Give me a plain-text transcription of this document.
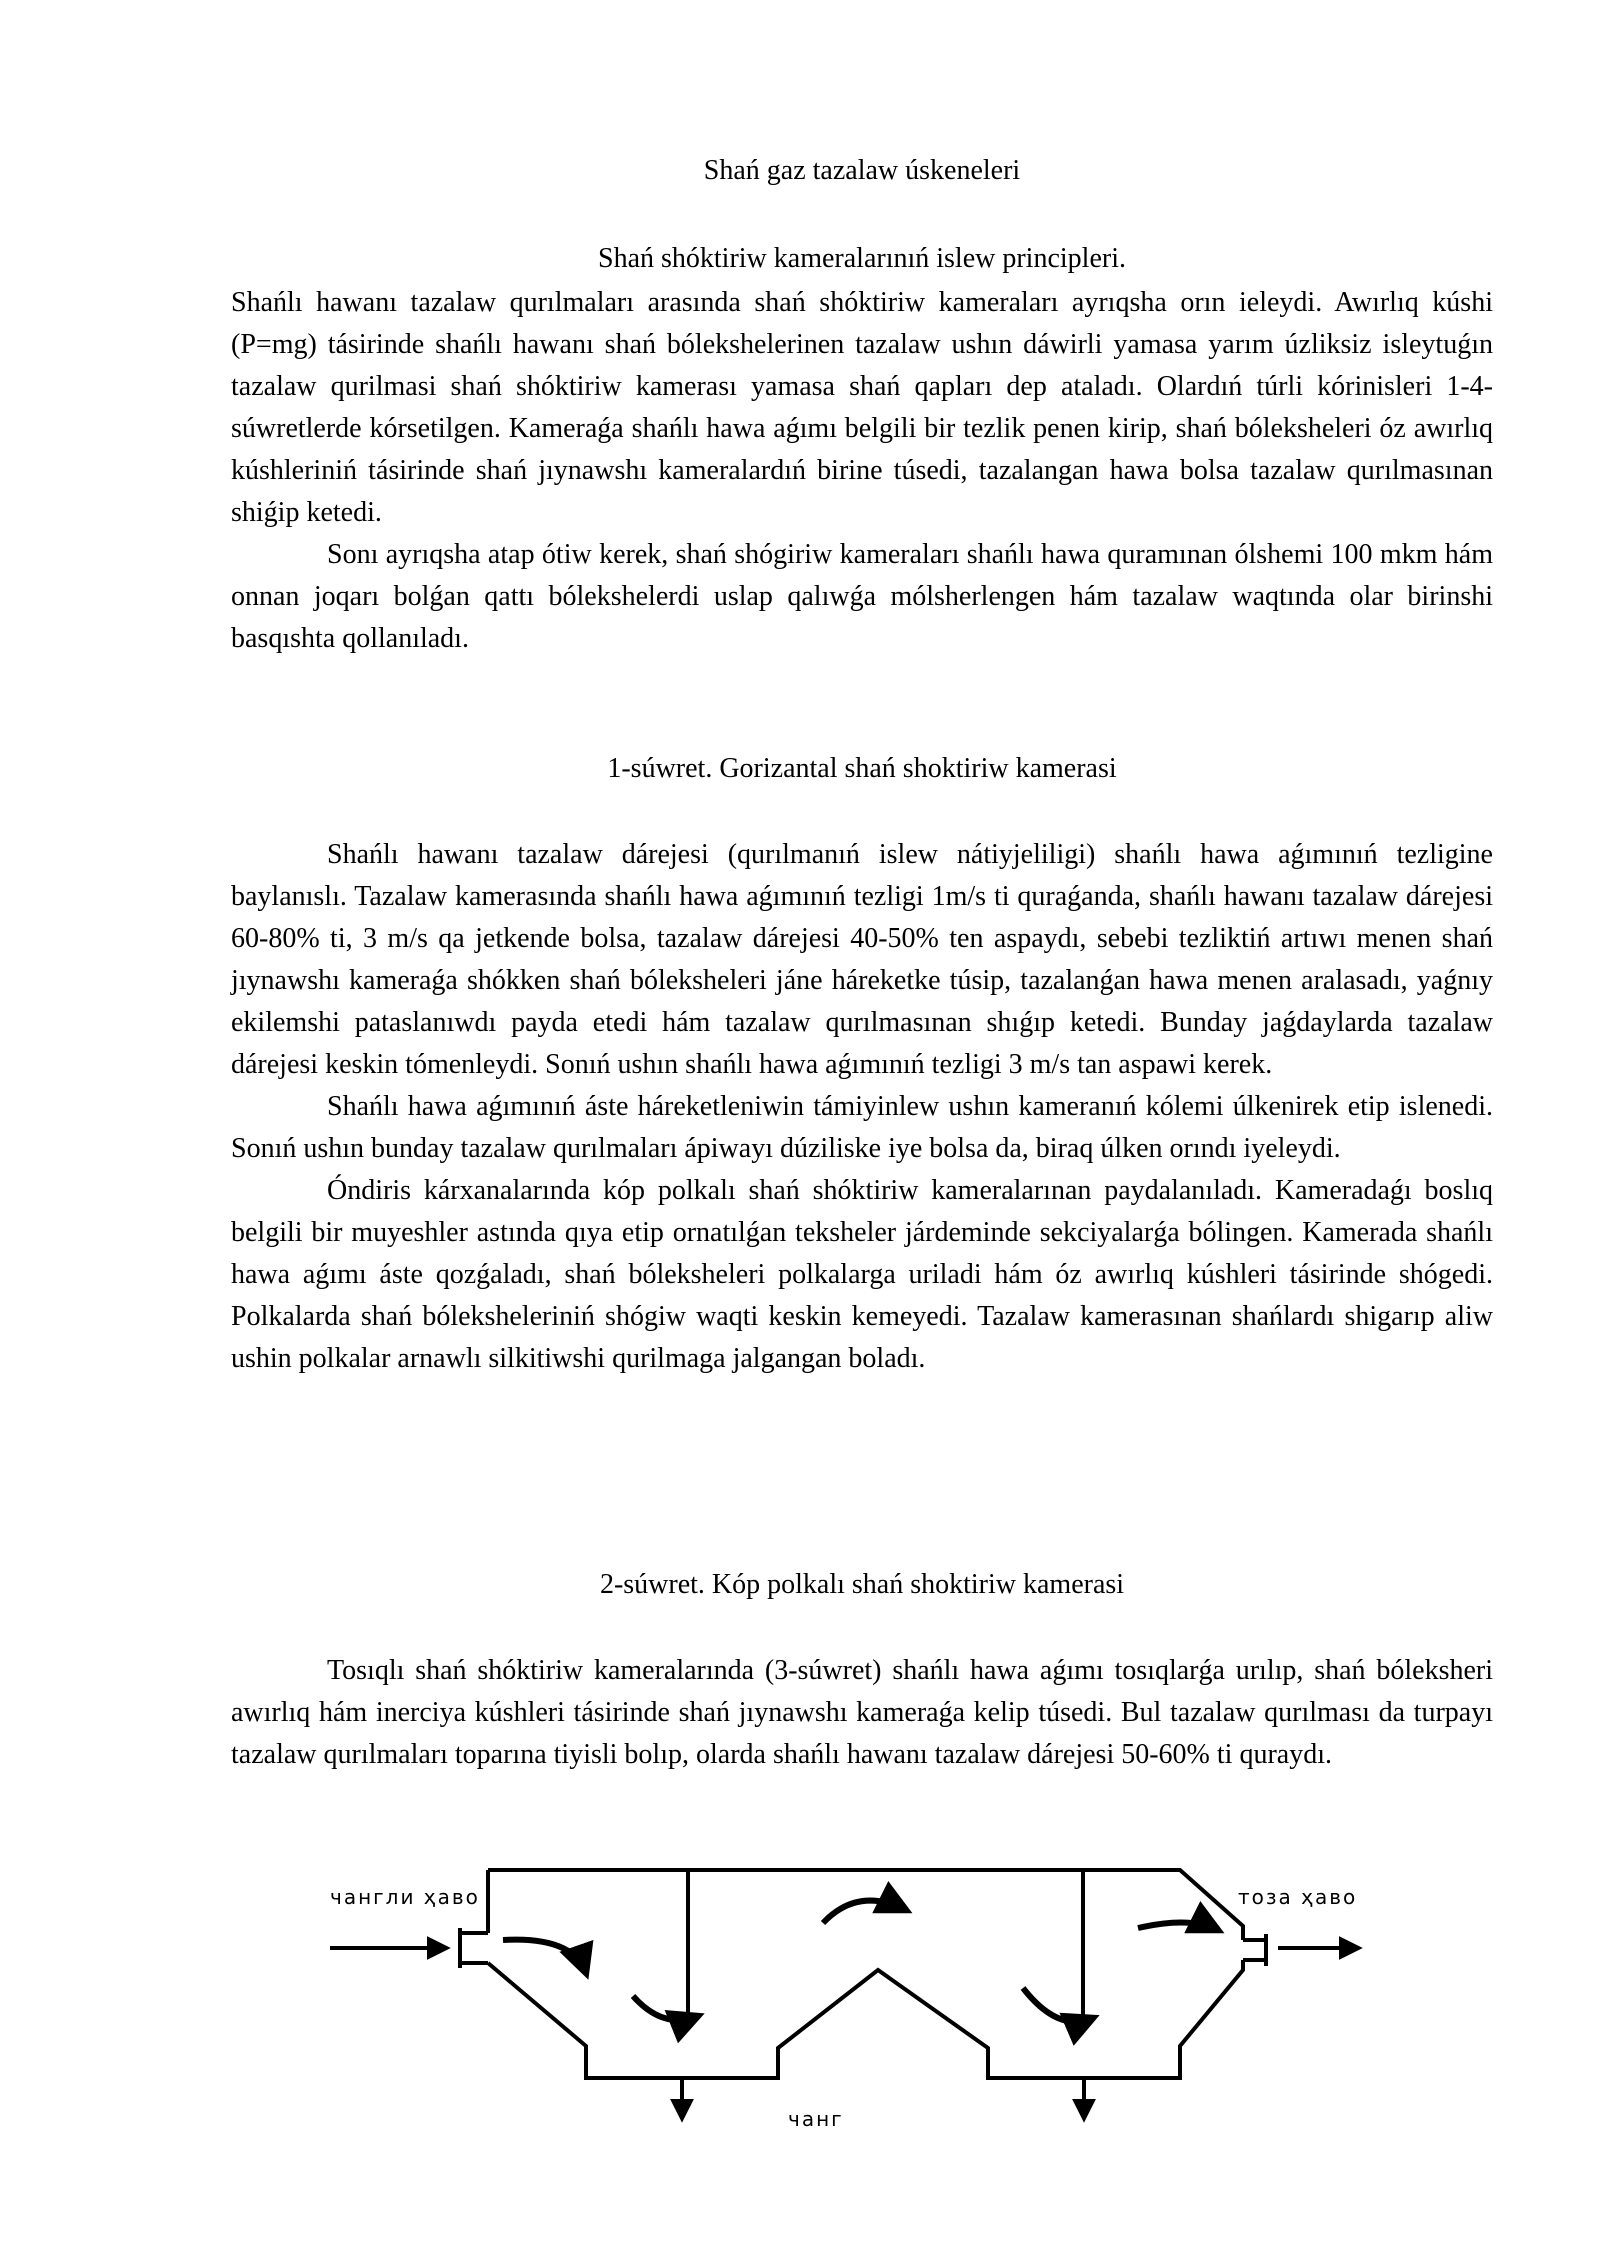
Shań gaz tazalaw úskeneleri
Shań shóktiriw kameralarınıń islew principleri.

Shańlı hawanı tazalaw qurılmaları arasında shań shóktiriw kameraları ayrıqsha orın ieleydi. Awırlıq kúshi (P=mg) tásirinde shańlı hawanı shań bólekshelerinen tazalaw ushın dáwirli yamasa yarım úzliksiz isleytuǵın tazalaw qurilmasi shań shóktiriw kamerası yamasa shań qapları dep ataladı. Olardıń túrli kórinisleri 1-4-súwretlerde kórsetilgen. Kameraǵa shańlı hawa aǵımı belgili bir tezlik penen kirip, shań bóleksheleri óz awırlıq kúshleriniń tásirinde shań jıynawshı kameralardıń birine túsedi, tazalangan hawa bolsa tazalaw qurılmasınan shiǵip ketedi.

Sonı ayrıqsha atap ótiw kerek, shań shógiriw kameraları shańlı hawa quramınan ólshemi 100 mkm hám onnan joqarı bolǵan qattı bólekshelerdi uslap qalıwǵa mólsherlengen hám tazalaw waqtında olar birinshi basqıshta qollanıladı.

1-súwret. Gorizantal shań shoktiriw kamerasi

Shańlı hawanı tazalaw dárejesi (qurılmanıń islew nátiyjeliligi) shańlı hawa aǵımınıń tezligine baylanıslı. Tazalaw kamerasında shańlı hawa aǵımınıń tezligi 1m/s ti quraǵanda, shańlı hawanı tazalaw dárejesi 60-80% ti, 3 m/s qa jetkende bolsa, tazalaw dárejesi 40-50% ten aspaydı, sebebi tezliktiń artıwı menen shań jıynawshı kameraǵa shókken shań bóleksheleri jáne háreketke túsip, tazalanǵan hawa menen aralasadı, yaǵnıy ekilemshi pataslanıwdı payda etedi hám tazalaw qurılmasınan shıǵıp ketedi. Bunday jaǵdaylarda tazalaw dárejesi keskin tómenleydi. Sonıń ushın shańlı hawa aǵımınıń tezligi 3 m/s tan aspawi kerek.

Shańlı hawa aǵımınıń áste háreketleniwin támiyinlew ushın kameranıń kólemi úlkenirek etip islenedi. Sonıń ushın bunday tazalaw qurılmaları ápiwayı dúziliske iye bolsa da, biraq úlken orındı iyeleydi.

Óndiris kárxanalarında kóp polkalı shań shóktiriw kameralarınan paydalanıladı. Kameradaǵı boslıq belgili bir muyeshler astında qıya etip ornatılǵan teksheler járdeminde sekciyalarǵa bólingen. Kamerada shańlı hawa aǵımı áste qozǵaladı, shań bóleksheleri polkalarga uriladi hám óz awırlıq kúshleri tásirinde shógedi. Polkalarda shań bóleksheleriniń shógiw waqti keskin kemeyedi. Tazalaw kamerasınan shańlardı shigarıp aliw ushin polkalar arnawlı silkitiwshi qurilmaga jalgangan boladı.

2-súwret. Kóp polkalı shań shoktiriw kamerasi

Tosıqlı shań shóktiriw kameralarında (3-súwret) shańlı hawa aǵımı tosıqlarǵa urılıp, shań bóleksheri awırlıq hám inerciya kúshleri tásirinde shań jıynawshı kameraǵa kelip túsedi. Bul tazalaw qurılması da turpayı tazalaw qurılmaları toparına tiyisli bolıp, olarda shańlı hawanı tazalaw dárejesi 50-60% ti quraydı.

чангли ҳаво	тоза ҳаво
чанг
